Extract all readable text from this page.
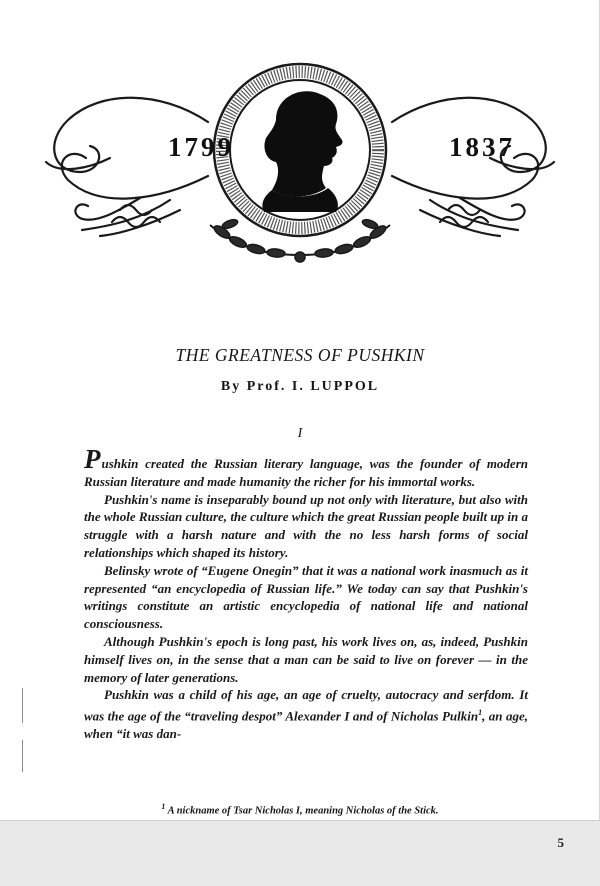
1799	1837
THE GREATNESS OF PUSHKIN
By Prof. I. LUPPOL
I

Pushkin created the Russian literary language, was the founder of modern Russian literature and made humanity the richer for his immortal works.

Pushkin's name is inseparably bound up not only with literature, but also with the whole Russian culture, the culture which the great Russian people built up in a struggle with a harsh nature and with the no less harsh forms of social relationships which shaped its history.

Belinsky wrote of “Eugene Onegin” that it was a national work inasmuch as it represented “an encyclopedia of Russian life.” We today can say that Pushkin's writings constitute an artistic encyclopedia of national life and national consciousness.

Although Pushkin's epoch is long past, his work lives on, as, indeed, Pushkin himself lives on, in the sense that a man can be said to live on forever — in the memory of later generations.

Pushkin was a child of his age, an age of cruelty, autocracy and serfdom. It was the age of the “traveling despot” Alexander I and of Nicholas Pulkin$^1$, an age, when “it was dan-

$^1$ A nickname of Tsar Nicholas I, meaning Nicholas of the Stick.
5
